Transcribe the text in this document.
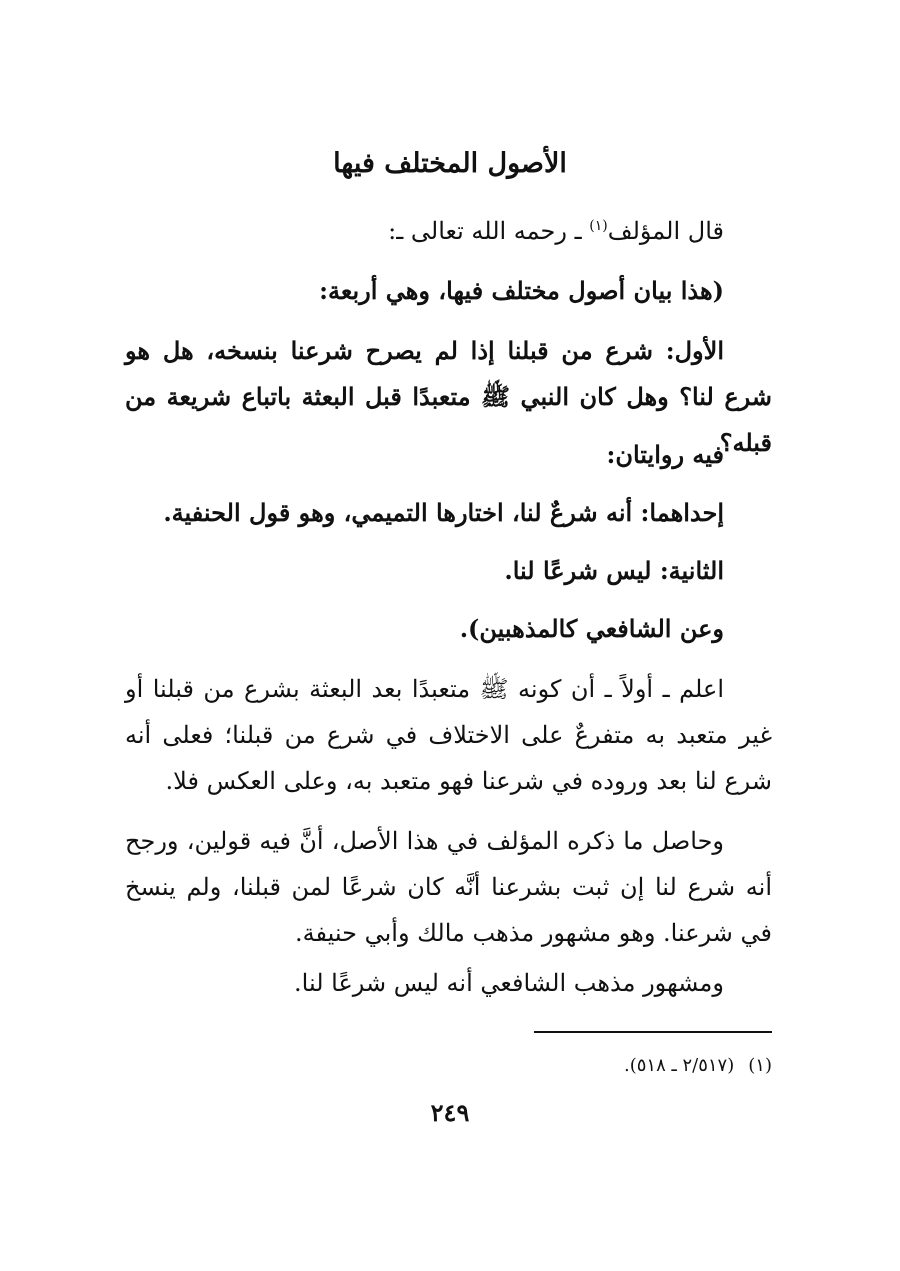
الأصول المختلف فيها
قال المؤلف$^{(١)}$ ـ رحمه الله تعالى ـ:
(هذا بيان أصول مختلف فيها، وهي أربعة:
الأول: شرع من قبلنا إذا لم يصرح شرعنا بنسخه، هل هو شرع لنا؟ وهل كان النبي ﷺ متعبدًا قبل البعثة باتباع شريعة من قبله؟
فيه روايتان:
إحداهما: أنه شرعٌ لنا، اختارها التميمي، وهو قول الحنفية.
الثانية: ليس شرعًا لنا.
وعن الشافعي كالمذهبين).
اعلم ـ أولاً ـ أن كونه ﷺ متعبدًا بعد البعثة بشرع من قبلنا أو غير متعبد به متفرعٌ على الاختلاف في شرع من قبلنا؛ فعلى أنه شرع لنا بعد وروده في شرعنا فهو متعبد به، وعلى العكس فلا.
وحاصل ما ذكره المؤلف في هذا الأصل، أنَّ فيه قولين، ورجح أنه شرع لنا إن ثبت بشرعنا أنَّه كان شرعًا لمن قبلنا، ولم ينسخ في شرعنا. وهو مشهور مذهب مالك وأبي حنيفة.
ومشهور مذهب الشافعي أنه ليس شرعًا لنا.
(١)(٢/٥١٧ ـ ٥١٨).
٢٤٩
